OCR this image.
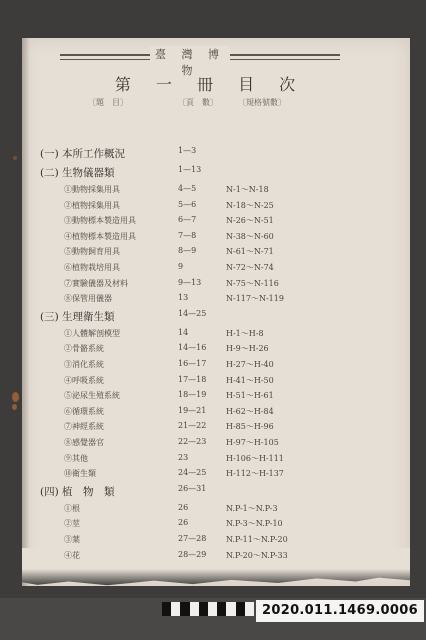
臺 灣 博 物
第 一 冊 目 次
〔題　目〕	〔頁　數〕	〔規格號數〕
(一) 本所工作概況	1—3
(二) 生物儀器類	1—13
①動物採集用具	4—5	N-1～N-18
②植物採集用具	5—6	N-18～N-25
③動物標本製造用具	6—7	N-26～N-51
④植物標本製造用具	7—8	N-38～N-60
⑤動物飼育用具	8—9	N-61～N-71
⑥植物栽培用具	9	N-72～N-74
⑦實驗儀器及材料	9—13	N-75～N-116
⑧保管用儀器	13	N-117～N-119
(三) 生理衛生類	14—25
①人體解剖模型	14	H-1～H-8
②骨骼系統	14—16 H-9～H-26
③消化系統	16—17 H-27～H-40
④呼吸系統	17—18 H-41～H-50
⑤泌尿生殖系統	18—19 H-51～H-61
⑥循環系統	19—21 H-62～H-84
⑦神經系統	21—22 H-85～H-96
⑧感覺器官	22—23 H-97～H-105
⑨其他	23	H-106～H-111
⑩衛生類	24—25 H-112～H-137
(四) 植　物　類	26—31
①根	26	N.P-1～N.P-3
②莖	26	N.P-3～N.P-10
③葉	27—28 N.P-11～N.P-20
④花	28—29 N.P-20～N.P-33
2020.011.1469.0006
